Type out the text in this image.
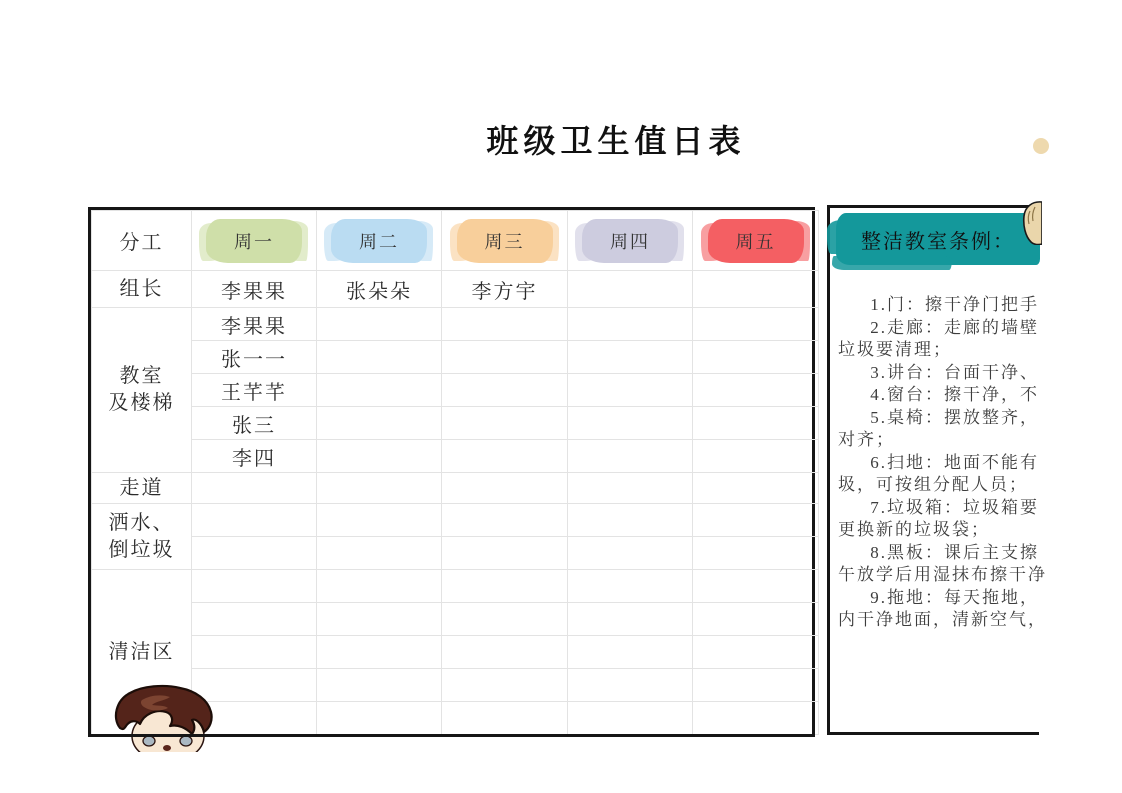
班级卫生值日表
分工	周一	周二	周三	周四	周五

组长	李果果	张朵朵	李方宇		

教室
及楼梯	李果果				
	张一一				
	王芊芊				
	张三				
	李四				

走道					

洒水、
倒垃圾					

清洁区					

整洁教室条例：
1.门：擦干净门把手
2.走廊：走廊的墙壁
垃圾要清理；
3.讲台：台面干净、
4.窗台：擦干净，不
5.桌椅：摆放整齐，
对齐；
6.扫地：地面不能有
圾，可按组分配人员；
7.垃圾箱：垃圾箱要
更换新的垃圾袋；
8.黑板：课后主支擦
午放学后用湿抹布擦干净
9.拖地：每天拖地，
内干净地面，清新空气，
